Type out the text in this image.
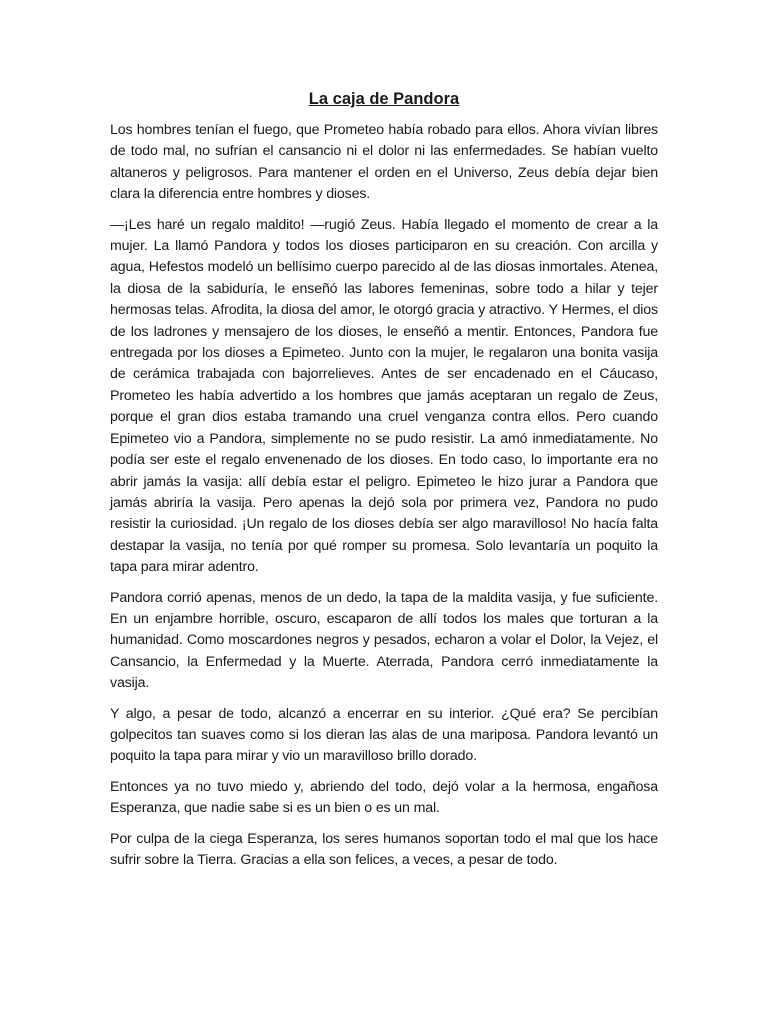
La caja de Pandora

Los hombres tenían el fuego, que Prometeo había robado para ellos. Ahora vivían libres de todo mal, no sufrían el cansancio ni el dolor ni las enfermedades. Se habían vuelto altaneros y peligrosos. Para mantener el orden en el Universo, Zeus debía dejar bien clara la diferencia entre hombres y dioses.

—¡Les haré un regalo maldito! —rugió Zeus. Había llegado el momento de crear a la mujer. La llamó Pandora y todos los dioses participaron en su creación. Con arcilla y agua, Hefestos modeló un bellísimo cuerpo parecido al de las diosas inmortales. Atenea, la diosa de la sabiduría, le enseñó las labores femeninas, sobre todo a hilar y tejer hermosas telas. Afrodita, la diosa del amor, le otorgó gracia y atractivo. Y Hermes, el dios de los ladrones y mensajero de los dioses, le enseñó a mentir. Entonces, Pandora fue entregada por los dioses a Epimeteo. Junto con la mujer, le regalaron una bonita vasija de cerámica trabajada con bajorrelieves. Antes de ser encadenado en el Cáucaso, Prometeo les había advertido a los hombres que jamás aceptaran un regalo de Zeus, porque el gran dios estaba tramando una cruel venganza contra ellos. Pero cuando Epimeteo vio a Pandora, simplemente no se pudo resistir. La amó inmediatamente. No podía ser este el regalo envenenado de los dioses. En todo caso, lo importante era no abrir jamás la vasija: allí debía estar el peligro. Epimeteo le hizo jurar a Pandora que jamás abriría la vasija. Pero apenas la dejó sola por primera vez, Pandora no pudo resistir la curiosidad. ¡Un regalo de los dioses debía ser algo maravilloso! No hacía falta destapar la vasija, no tenía por qué romper su promesa. Solo levantaría un poquito la tapa para mirar adentro.

Pandora corrió apenas, menos de un dedo, la tapa de la maldita vasija, y fue suficiente. En un enjambre horrible, oscuro, escaparon de allí todos los males que torturan a la humanidad. Como moscardones negros y pesados, echaron a volar el Dolor, la Vejez, el Cansancio, la Enfermedad y la Muerte. Aterrada, Pandora cerró inmediatamente la vasija.

Y algo, a pesar de todo, alcanzó a encerrar en su interior. ¿Qué era? Se percibían golpecitos tan suaves como si los dieran las alas de una mariposa. Pandora levantó un poquito la tapa para mirar y vio un maravilloso brillo dorado.

Entonces ya no tuvo miedo y, abriendo del todo, dejó volar a la hermosa, engañosa Esperanza, que nadie sabe si es un bien o es un mal.

Por culpa de la ciega Esperanza, los seres humanos soportan todo el mal que los hace sufrir sobre la Tierra. Gracias a ella son felices, a veces, a pesar de todo.
